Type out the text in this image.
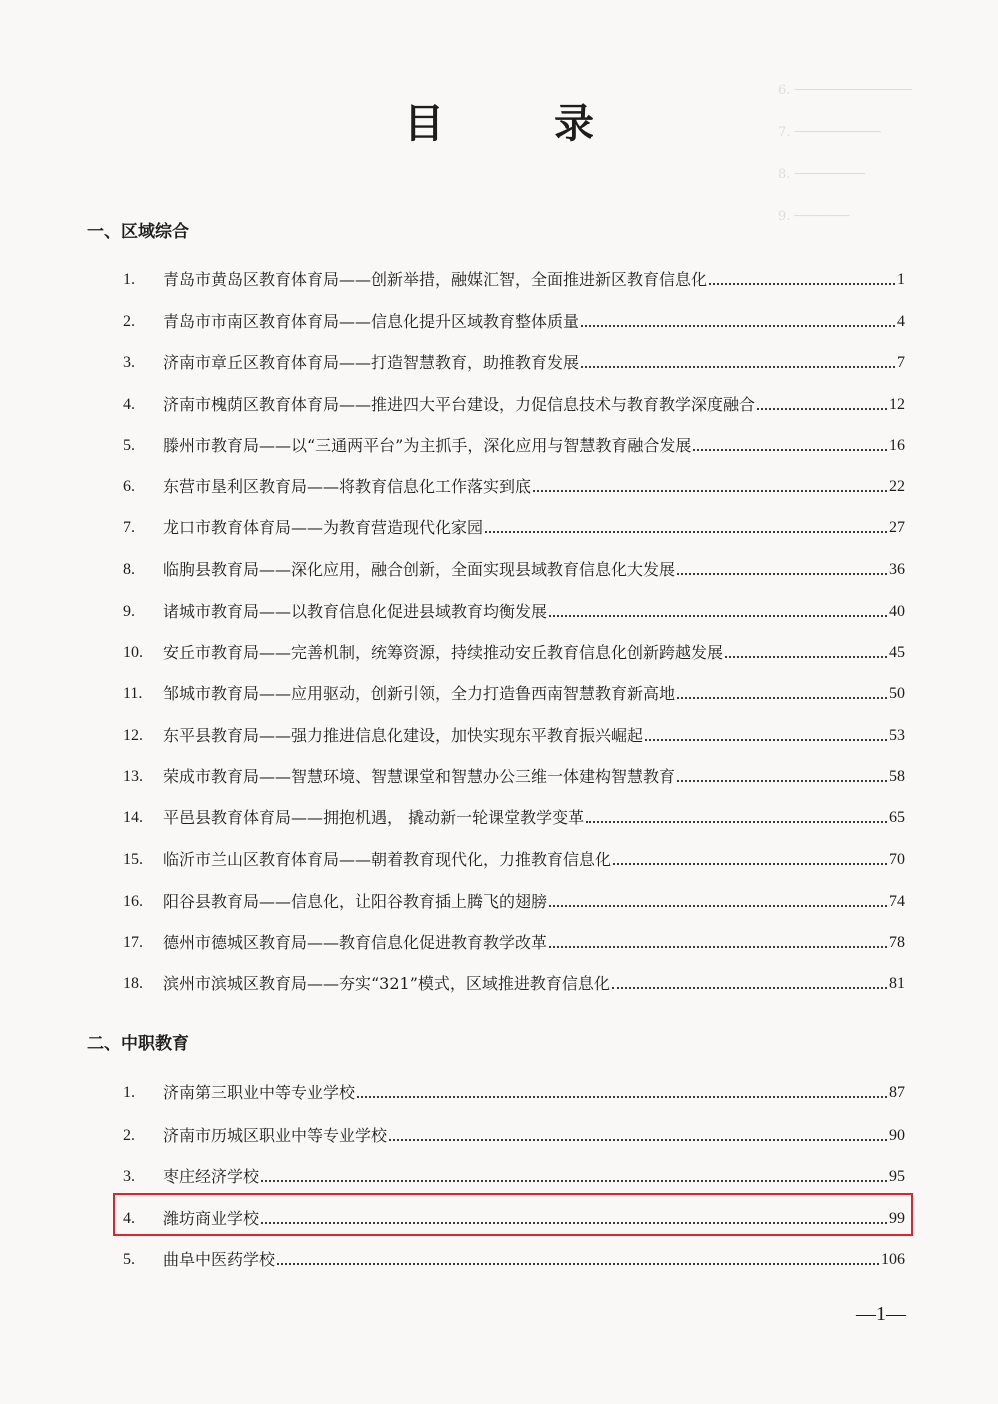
6. ───────────────
7. ───────────
8. ─────────
9. ───────
目 录
一、区域综合
1.	青岛市黄岛区教育体育局——创新举措，融媒汇智，全面推进新区教育信息化	1
2.	青岛市市南区教育体育局——信息化提升区域教育整体质量	4
3.	济南市章丘区教育体育局——打造智慧教育，助推教育发展	7
4.	济南市槐荫区教育体育局——推进四大平台建设，力促信息技术与教育教学深度融合	12
5.	滕州市教育局——以“三通两平台”为主抓手，深化应用与智慧教育融合发展	16
6.	东营市垦利区教育局——将教育信息化工作落实到底	22
7.	龙口市教育体育局——为教育营造现代化家园	27
8.	临朐县教育局——深化应用，融合创新，全面实现县域教育信息化大发展	36
9.	诸城市教育局——以教育信息化促进县域教育均衡发展	40
10.	安丘市教育局——完善机制，统筹资源，持续推动安丘教育信息化创新跨越发展	45
11.	邹城市教育局——应用驱动，创新引领，全力打造鲁西南智慧教育新高地	50
12.	东平县教育局——强力推进信息化建设，加快实现东平教育振兴崛起	53
13.	荣成市教育局——智慧环境、智慧课堂和智慧办公三维一体建构智慧教育	58
14.	平邑县教育体育局——拥抱机遇， 撬动新一轮课堂教学变革	65
15.	临沂市兰山区教育体育局——朝着教育现代化，力推教育信息化	70
16.	阳谷县教育局——信息化，让阳谷教育插上腾飞的翅膀	74
17.	德州市德城区教育局——教育信息化促进教育教学改革	78
18.	滨州市滨城区教育局——夯实“321”模式，区域推进教育信息化	81
二、中职教育
1.	济南第三职业中等专业学校	87
2.	济南市历城区职业中等专业学校	90
3.	枣庄经济学校	95
4.	潍坊商业学校	99
5.	曲阜中医药学校	106
—1—
